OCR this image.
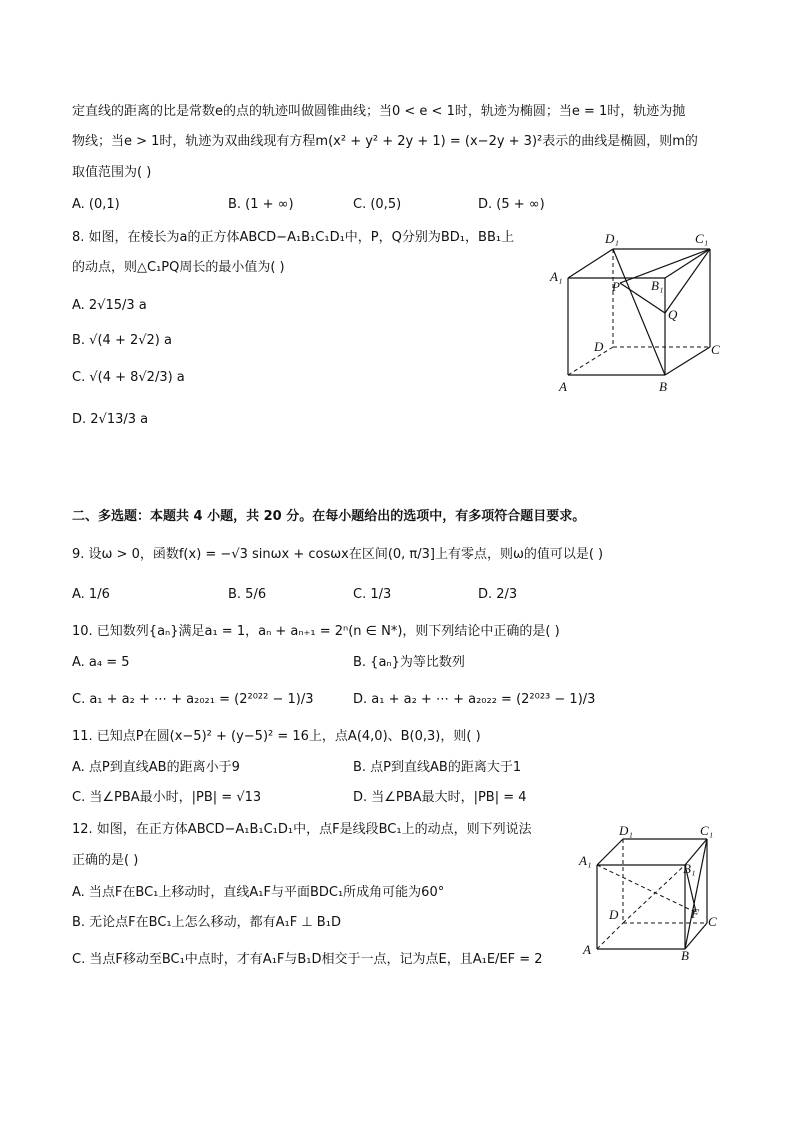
定直线的距离的比是常数e的点的轨迹叫做圆锥曲线；当0 < e < 1时，轨迹为椭圆；当e = 1时，轨迹为抛
物线；当e > 1时，轨迹为双曲线现有方程m(x² + y² + 2y + 1) = (x−2y + 3)²表示的曲线是椭圆，则m的
取值范围为( )
A. (0,1)	B. (1 + ∞)	C. (0,5)	D. (5 + ∞)
8. 如图，在棱长为a的正方体ABCD−A₁B₁C₁D₁中，P，Q分别为BD₁，BB₁上
的动点，则△C₁PQ周长的最小值为( )
A. 2√15/3 a
B. √(4 + 2√2) a
C. √(4 + 8√2/3) a
D. 2√13/3 a
D₁	C₁
A₁
P B₁
Q
D	C
A	B
二、多选题：本题共 4 小题，共 20 分。在每小题给出的选项中，有多项符合题目要求。
9. 设ω > 0，函数f(x) = −√3 sinωx + cosωx在区间(0, π/3]上有零点，则ω的值可以是( )
A. 1/6	B. 5/6	C. 1/3	D. 2/3
10. 已知数列{aₙ}满足a₁ = 1，aₙ + aₙ₊₁ = 2ⁿ(n ∈ N*)，则下列结论中正确的是( )
A. a₄ = 5	B. {aₙ}为等比数列
C. a₁ + a₂ + ⋯ + a₂₀₂₁ = (2²⁰²² − 1)/3	D. a₁ + a₂ + ⋯ + a₂₀₂₂ = (2²⁰²³ − 1)/3
11. 已知点P在圆(x−5)² + (y−5)² = 16上，点A(4,0)、B(0,3)，则( )
A. 点P到直线AB的距离小于9	B. 点P到直线AB的距离大于1
C. 当∠PBA最小时，|PB| = √13	D. 当∠PBA最大时，|PB| = 4
12. 如图，在正方体ABCD−A₁B₁C₁D₁中，点F是线段BC₁上的动点，则下列说法
正确的是( )
A. 当点F在BC₁上移动时，直线A₁F与平面BDC₁所成角可能为60°
B. 无论点F在BC₁上怎么移动，都有A₁F ⊥ B₁D
C. 当点F移动至BC₁中点时，才有A₁F与B₁D相交于一点，记为点E，且A₁E/EF = 2
D₁	C₁
A₁
B₁
D	F
C
A	B
